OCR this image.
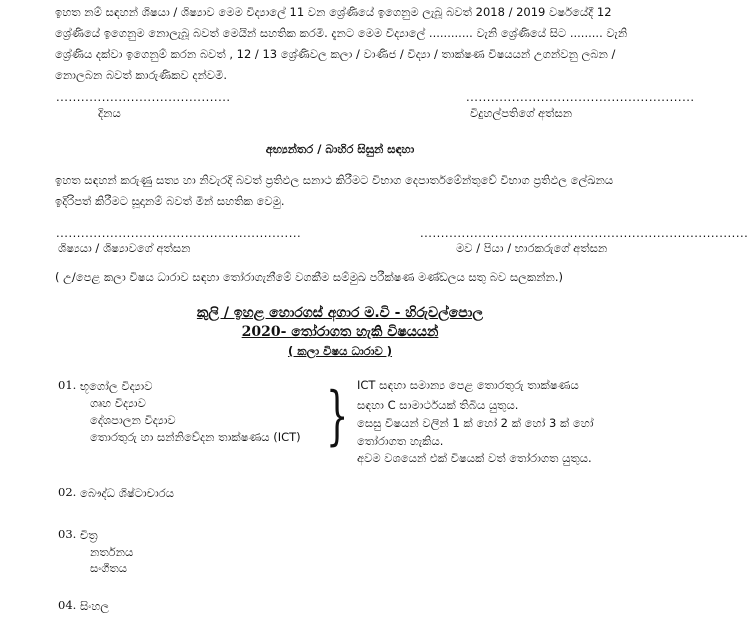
ඉහත නම් සඳහන් ශිෂයා / ශිෂ්‍යාව මෙම විද්‍යාලේ 11 වන ශ්‍රේණියේ ඉගෙනුම ලැබූ බවත් 2018 / 2019 වර්ෂයේදී 12 ශ්‍රේණියේ ඉගෙනුම නොලැබූ බවත් මෙයින් සහතික කරමි. දැනට මෙම විද්‍යාලේ ............ වැනි ශ්‍රේණියේ සිට ......... වැනි ශ්‍රේණිය දක්වා ඉගෙනුම් කරන බවත් , 12 / 13 ශ්‍රේණිවල කලා / වාණිජ / විද්‍යා / තාක්ෂණ විෂයයන් උගන්වනු ලබන / නොලබන බවත් කාරුණිකව දන්වමි.
..........................................
දිනය
.......................................................
විදුහල්පතිගේ අත්සන
අභ්‍යන්තර / බාහිර සිසුන් සඳහා
ඉහත සඳහන් කරුණු සත්‍ය හා නිවැරදි බවත් ප්‍රතිඵල සනාථ කිරීමට විභාග දෙපාර්තමේන්තුවේ විභාග ප්‍රතිඵල ලේඛනය ඉදිරිපත් කිරීමට සූදානම් බවත් මින් සහතික වෙමු.
...........................................................
ශිෂ්‍යයා / ශිෂ්‍යාවගේ අත්සන
...............................................................................
මව / පියා / භාරකරුගේ අත්සන
( උ/පෙළ කලා විෂය ධාරාව සඳහා තෝරාගැනීමේ වගකීම සම්මුඛ පරීක්ෂණ මණ්ඩලය සතු බව සලකන්න.)
කුලි / ඉහළ හොරගස් අගාර ම.වි - හිරුවල්පොල
2020- තෝරාගත හැකි විෂයයන්
( කලා විෂය ධාරාව )
01. භූගෝල විද්‍යාව
ගෘහ විද්‍යාව
දේශපාලන විද්‍යාව
තොරතුරු හා සන්නිවේදන තාක්ෂණය (ICT) } ICT සඳහා සමාන්‍ය පෙළ තොරතුරු තාක්ෂණය
සඳහා C සාමාර්ථයක් තිබිය යුතුය.
සෙසු විෂයන් වලින් 1 ක් හෝ 2 ක් හෝ 3 ක් හෝ
තෝරාගත හැකිය.
අවම වශයෙන් එක් විෂයක් වත් තෝරාගත යුතුය.
02. බෞද්ධ ශිෂ්ටාචාරය
03. චිත්‍ර
නර්තනය
සංගීතය
04. සිංහල
